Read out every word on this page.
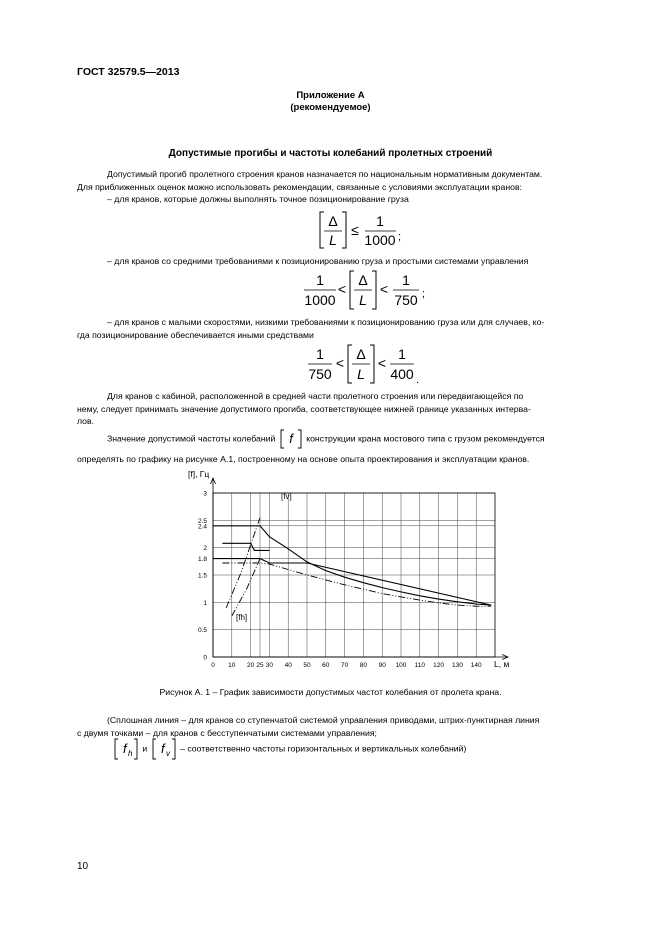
ГОСТ 32579.5—2013
Приложение А
(рекомендуемое)
Допустимые прогибы и частоты колебаний пролетных строений
Допустимый прогиб пролетного строения кранов назначается по национальным нормативным документам.
Для приближенных оценок можно использовать рекомендации, связанные с условиями эксплуатации кранов:
– для кранов, которые должны выполнять точное позиционирование груза
Δ
L
≤
1
1000 ;
– для кранов со средними требованиями к позиционированию груза и простыми системами управления
1
1000
<
Δ
L
<
1
750 ;
– для кранов с малыми скоростями, низкими требованиями к позиционированию груза или для случаев, ко-
гда позиционирование обеспечивается иными средствами
1
750
<
Δ
L
<
1
400 .
Для кранов с кабиной, расположенной в средней части пролетного строения или передвигающейся по
нему, следует принимать значение допустимого прогиба, соответствующее нижней границе указанных интерва-
лов.
Значение допустимой частоты колебаний f конструкции крана мостового типа с грузом рекомендуется
определять по графику на рисунке А.1, построенному на основе опыта проектирования и эксплуатации кранов.
0 10 20 25 30 40 50 60 70 80 90 100 110 120 130 140
0
0.5
1
1.5
1.8
2
2.4
2.5
3
[f], Гц
L, м
[fv]
[fh]
Рисунок А. 1 – График зависимости допустимых частот колебания от пролета крана.
(Сплошная линия – для кранов со ступенчатой системой управления приводами, штрих-пунктирная линия
с двумя точками – для кранов с бесступенчатыми системами управления;
f h
и f v
– соответственно частоты горизонтальных и вертикальных колебаний)
10
